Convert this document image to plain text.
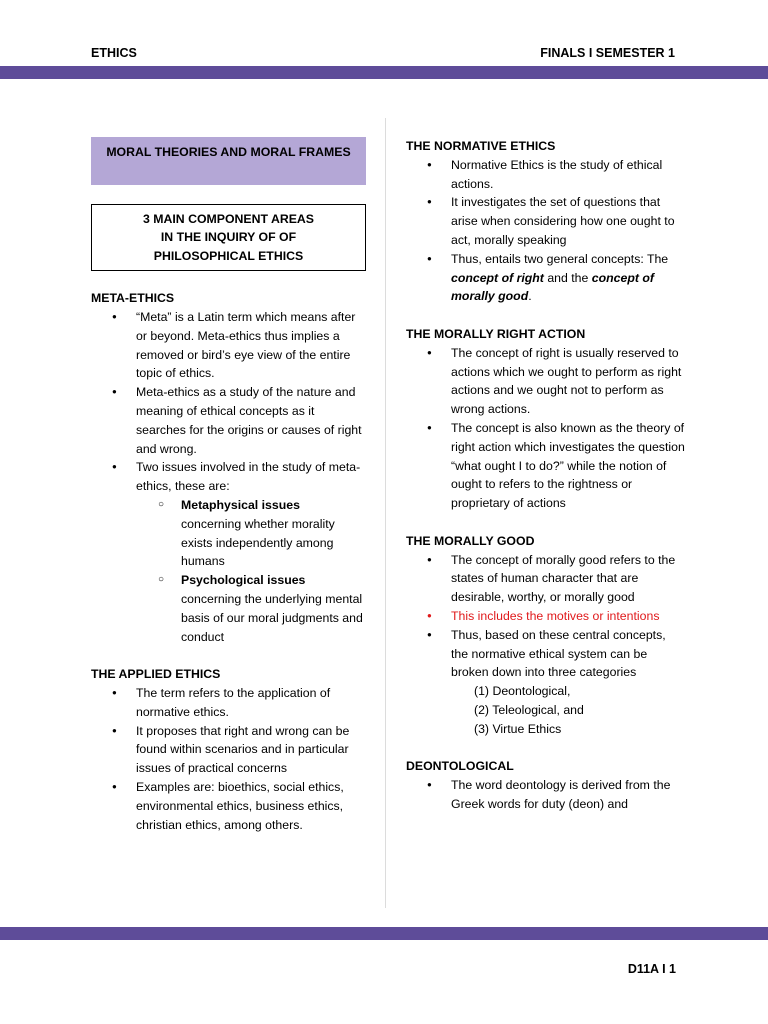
ETHICS	FINALS I SEMESTER 1
MORAL THEORIES AND MORAL FRAMES
3 MAIN COMPONENT AREAS
IN THE INQUIRY OF OF
PHILOSOPHICAL ETHICS
META-ETHICS
● “Meta” is a Latin term which means after or beyond. Meta-ethics thus implies a removed or bird’s eye view of the entire topic of ethics.
● Meta-ethics as a study of the nature and meaning of ethical concepts as it searches for the origins or causes of right and wrong.
● Two issues involved in the study of meta-ethics, these are:
○ Metaphysical issues
concerning whether morality exists independently among humans
○ Psychological issues
concerning the underlying mental basis of our moral judgments and conduct
THE APPLIED ETHICS
● The term refers to the application of normative ethics.
● It proposes that right and wrong can be found within scenarios and in particular issues of practical concerns
● Examples are: bioethics, social ethics, environmental ethics, business ethics, christian ethics, among others.
THE NORMATIVE ETHICS
● Normative Ethics is the study of ethical actions.
● It investigates the set of questions that arise when considering how one ought to act, morally speaking
● Thus, entails two general concepts: The concept of right and the concept of morally good.
THE MORALLY RIGHT ACTION
● The concept of right is usually reserved to actions which we ought to perform as right actions and we ought not to perform as wrong actions.
● The concept is also known as the theory of right action which investigates the question “what ought I to do?” while the notion of ought to refers to the rightness or proprietary of actions
THE MORALLY GOOD
● The concept of morally good refers to the states of human character that are desirable, worthy, or morally good
● This includes the motives or intentions
● Thus, based on these central concepts, the normative ethical system can be broken down into three categories
(1) Deontological,
(2) Teleological, and
(3) Virtue Ethics
DEONTOLOGICAL
● The word deontology is derived from the Greek words for duty (deon) and
D11A I 1
